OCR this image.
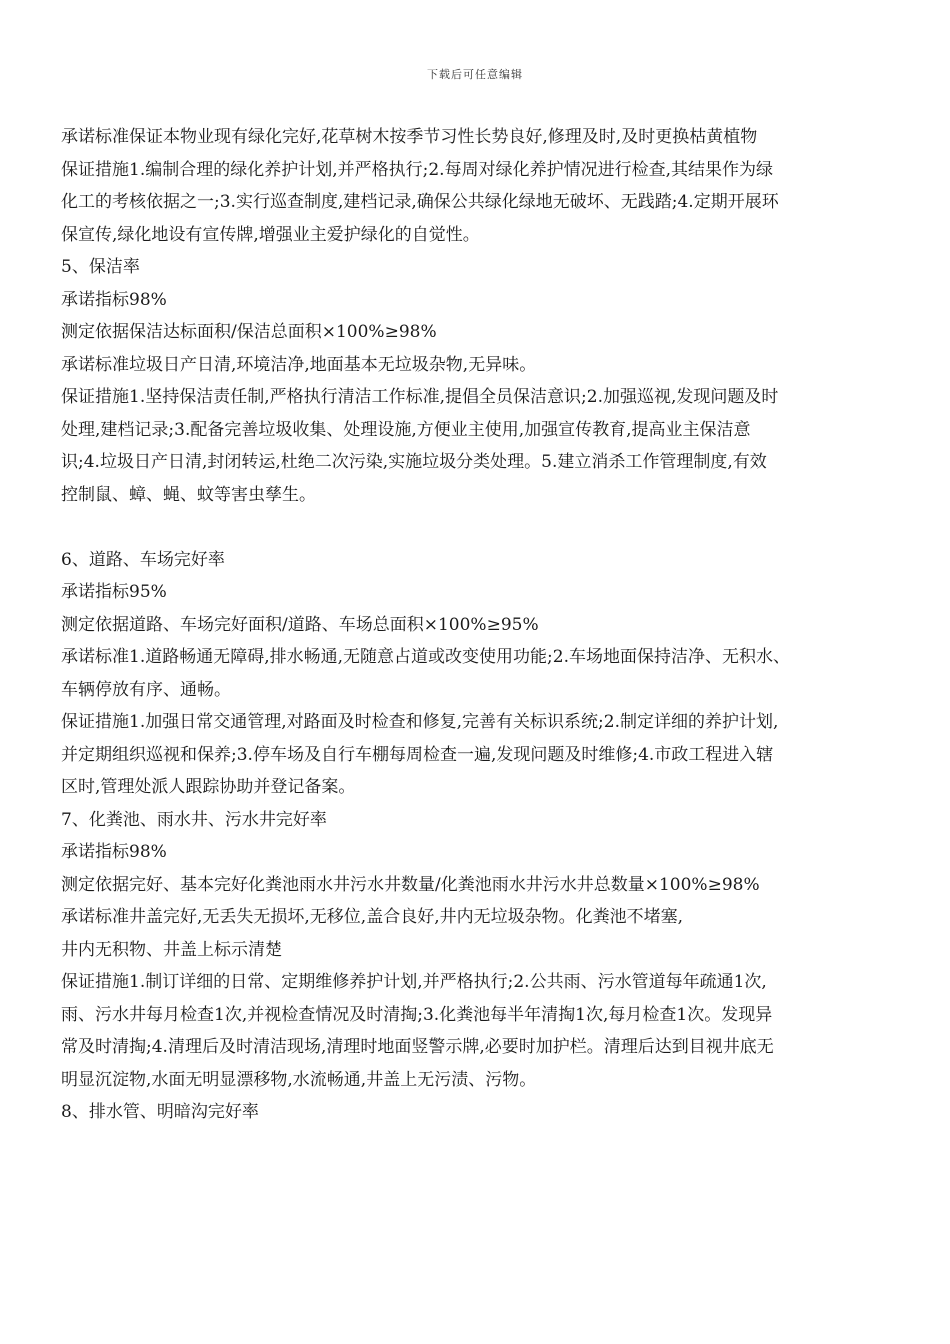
下载后可任意编辑
承诺标准保证本物业现有绿化完好,花草树木按季节习性长势良好,修理及时,及时更换枯黄植物
保证措施1.编制合理的绿化养护计划,并严格执行;2.每周对绿化养护情况进行检查,其结果作为绿
化工的考核依据之一;3.实行巡查制度,建档记录,确保公共绿化绿地无破坏、无践踏;4.定期开展环
保宣传,绿化地设有宣传牌,增强业主爱护绿化的自觉性。
5、保洁率
承诺指标98%
测定依据保洁达标面积/保洁总面积×100%≥98%
承诺标准垃圾日产日清,环境洁净,地面基本无垃圾杂物,无异味。
保证措施1.坚持保洁责任制,严格执行清洁工作标准,提倡全员保洁意识;2.加强巡视,发现问题及时
处理,建档记录;3.配备完善垃圾收集、处理设施,方便业主使用,加强宣传教育,提高业主保洁意
识;4.垃圾日产日清,封闭转运,杜绝二次污染,实施垃圾分类处理。5.建立消杀工作管理制度,有效
控制鼠、蟑、蝇、蚊等害虫孳生。
6、道路、车场完好率
承诺指标95%
测定依据道路、车场完好面积/道路、车场总面积×100%≥95%
承诺标准1.道路畅通无障碍,排水畅通,无随意占道或改变使用功能;2.车场地面保持洁净、无积水、
车辆停放有序、通畅。
保证措施1.加强日常交通管理,对路面及时检查和修复,完善有关标识系统;2.制定详细的养护计划,
并定期组织巡视和保养;3.停车场及自行车棚每周检查一遍,发现问题及时维修;4.市政工程进入辖
区时,管理处派人跟踪协助并登记备案。
7、化粪池、雨水井、污水井完好率
承诺指标98%
测定依据完好、基本完好化粪池雨水井污水井数量/化粪池雨水井污水井总数量×100%≥98%
承诺标准井盖完好,无丢失无损坏,无移位,盖合良好,井内无垃圾杂物。化粪池不堵塞,
井内无积物、井盖上标示清楚
保证措施1.制订详细的日常、定期维修养护计划,并严格执行;2.公共雨、污水管道每年疏通1次,
雨、污水井每月检查1次,并视检查情况及时清掏;3.化粪池每半年清掏1次,每月检查1次。发现异
常及时清掏;4.清理后及时清洁现场,清理时地面竖警示牌,必要时加护栏。清理后达到目视井底无
明显沉淀物,水面无明显漂移物,水流畅通,井盖上无污渍、污物。
8、排水管、明暗沟完好率
